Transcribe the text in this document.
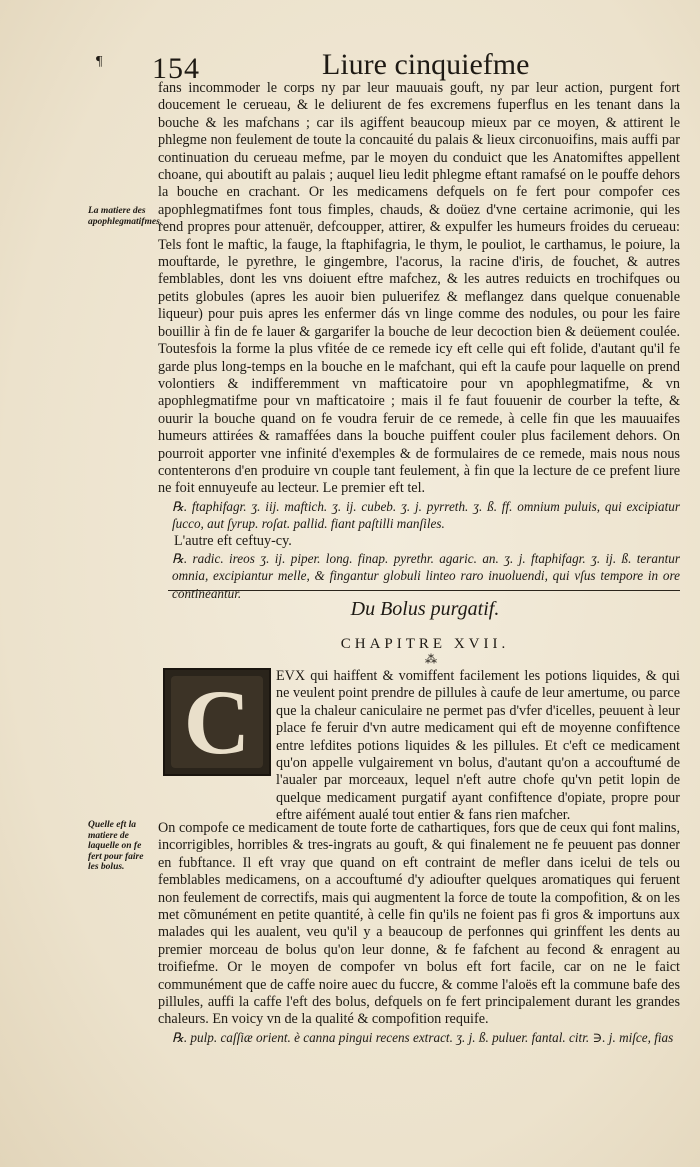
¶ 154	Liure cinquiefme
fans incommoder le corps ny par leur mauuais gouft, ny par leur action, purgent fort doucement le cerueau, & le deliurent de fes excremens fuperflus en les tenant dans la bouche & les mafchans ; car ils agiffent beaucoup mieux par ce moyen, & attirent le phlegme non feulement de toute la concauité du palais & lieux circonuoifins, mais auffi par continuation du cerueau mefme, par le moyen du conduict que les Anatomiftes appellent choane, qui aboutift au palais ; auquel lieu ledit phlegme eftant ramafsé on le pouffe dehors la bouche en crachant. Or les medicamens defquels on fe fert pour compofer ces apophlegmatifmes font tous fimples, chauds, & doüez d'vne certaine acrimonie, qui les rend propres pour attenuër, defcoupper, attirer, & expulfer les humeurs froides du cerueau: Tels font le maftic, la fauge, la ftaphifagria, le thym, le pouliot, le carthamus, le poiure, la mouftarde, le pyrethre, le gingembre, l'acorus, la racine d'iris, de fouchet, & autres femblables, dont les vns doiuent eftre mafchez, & les autres reduicts en trochifques ou petits globules (apres les auoir bien puluerifez & meflangez dans quelque conuenable liqueur) pour puis apres les enfermer dás vn linge comme des nodules, ou pour les faire bouillir à fin de fe lauer & gargarifer la bouche de leur decoction bien & deüement coulée. Toutesfois la forme la plus vfitée de ce remede icy eft celle qui eft folide, d'autant qu'il fe garde plus long-temps en la bouche en le mafchant, qui eft la caufe pour laquelle on prend volontiers & indifferemment vn mafticatoire pour vn apophlegmatifme, & vn apophlegmatifme pour vn mafticatoire ; mais il fe faut fouuenir de courber la tefte, & ouurir la bouche quand on fe voudra feruir de ce remede, à celle fin que les mauuaifes humeurs attirées & ramaffées dans la bouche puiffent couler plus facilement dehors. On pourroit apporter vne infinité d'exemples & de formulaires de ce remede, mais nous nous contenterons d'en produire vn couple tant feulement, à fin que la lecture de ce prefent liure ne foit ennuyeufe au lecteur. Le premier eft tel.
℞. ftaphifagr. ʒ. iij. maftich. ʒ. ij. cubeb. ʒ. j. pyrreth. ʒ. ß. ff. omnium puluis, qui excipiatur ſucco, aut ſyrup. roſat. pallid. fiant paſtilli manſiles.
L'autre eft ceftuy-cy.
℞. radic. ireos ʒ. ij. piper. long. finap. pyrethr. agaric. an. ʒ. j. ftaphifagr. ʒ. ij. ß. terantur omnia, excipiantur melle, & fingantur globuli linteo raro inuoluendi, qui vſus tempore in ore contineantur.
La matiere des apophlegmatifmes.
Du Bolus purgatif.
CHAPITRE XVII.
⁂
C	EVX qui haiffent & vomiffent facilement les potions liquides, & qui ne veulent point prendre de pillules à caufe de leur amertume, ou parce que la chaleur caniculaire ne permet pas d'vfer d'icelles, peuuent à leur place fe feruir d'vn autre medicament qui eft de moyenne confiftence entre lefdites potions liquides & les pillules. Et c'eft ce medicament qu'on appelle vulgairement vn bolus, d'autant qu'on a accouftumé de l'aualer par morceaux, lequel n'eft autre chofe qu'vn petit lopin de quelque medicament purgatif ayant confiftence d'opiate, propre pour eftre aifément aualé tout entier & fans rien mafcher.
Quelle eft la matiere de laquelle on fe fert pour faire les bolus.
On compofe ce medicament de toute forte de cathartiques, fors que de ceux qui font malins, incorrigibles, horribles & tres-ingrats au gouft, & qui finalement ne fe peuuent pas donner en fubftance. Il eft vray que quand on eft contraint de mefler dans icelui de tels ou femblables medicamens, on a accouftumé d'y adioufter quelques aromatiques qui feruent non feulement de correctifs, mais qui augmentent la force de toute la compofition, & on les met cõmunément en petite quantité, à celle fin qu'ils ne foient pas fi gros & importuns aux malades qui les aualent, veu qu'il y a beaucoup de perfonnes qui grinffent les dents au premier morceau de bolus qu'on leur donne, & fe fafchent au fecond & enragent au troifiefme. Or le moyen de compofer vn bolus eft fort facile, car on ne le faict communément que de caffe noire auec du fuccre, & comme l'aloës eft la commune bafe des pillules, auffi la caffe l'eft des bolus, defquels on fe fert principalement durant les grandes chaleurs. En voicy vn de la qualité & compofition requife.
℞. pulp. caſſiæ orient. è canna pingui recens extract. ʒ. j. ß. puluer. fantal. citr. ∋. j. miſce, fias
